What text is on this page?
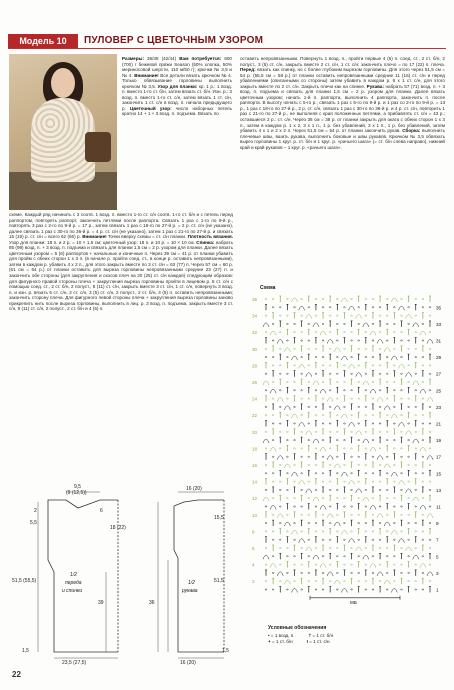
Модель 10	ПУЛОВЕР С ЦВЕТОЧНЫМ УЗОРОМ
Размеры: 36/38 (42/44) Вам потребуется: 600 (700) г бежевой пряжи Season (50% хлопка, 50% мериносовой шерсти, 110 м/50 г); крючки № 3,5 и № 4. Внимание! Все детали вязать крючком № 4. Только обвязывание горловины выполнить крючком № 3,5. Узор для планки: кр. 1 р.: 1 возд. п. вместо 1-го ст. б/н, затем вязать ст. б/н. Изн. р.: 3 возд. п. вместо 1-го ст. с/н, затем вязать 1 ст. с/н, закончить 1 ст. с/н в возд. п. начала предыдущего р. Цветочный узор: число наборных петель кратно 14 + 1 + 3 возд. п. подъема. Вязать по
схеме. Каждый ряд начинать с 3 соотв. 1 возд. п. вместо 1-го ст. с/н соотв. 1-го ст. б/н и с петель перед раппортом, повторять раппорт, закончить петлями после раппорта. Связать 1 раз с 1-го по 9-й р., повторять 3 раз с 2-го по 9-й р. = 17 р., затем связать 1 раз с 18-го по 27-й р. = 2 р. ст. с/н (не указано), далее связать 1 раз с 30-го по 36-й р. = 4 р. ст. с/н (не указано), затем 1 раз с 21-го по 27-й р. и связать 15 (19) р. ст. с/н = всего 62 (66) р. Внимание! Точки вверху схемы = ст. с/н планки. Плотность вязания. Узор для планки: 18 п. и 2 р. = 10 × 1,5 см; цветочный узор: 18 п. и 10 р. = 10 × 10 см. Спинка: набрать 85 (99) возд. п. + 3 возд. п. подъема и связать для планки 1,5 см = 2 р. узором для планки. Далее вязать цветочным узором = 5 (6) раппортов + начальные и конечные п. Через 39 см = 41 р. от планки убавить для пройм с обеих сторон 1 x 3 п. (в начале р. пройти соед. ст., в конце р. оставить непровязанными), затем в каждом р. убавить 4 x 2 п., для этого закрыть вместе по 3 ст. с/н = 63 (77) п. Через 57 см = 60 р. (61 см = 64 р.) от планки оставить для выреза горловины непровязанными средние 23 (27) п. и закончить обе стороны (для закругления и скосов плеч на 20 (25) ст. с/н каждая) следующим образом: для фигурного правой стороны плеча + закругления выреза горловины пройти в лицевом р. 6 ст. с/н с помощью соед. ст., 2 ст. б/н, 2 полуст., 8 (11) ст. с/н, закрыть вместе 3 ст. с/н, 1 ст. с/н, повернуть 3 возд. п. и изн. р. вязать 5 ст. с/н, 2 ст. с/н, 3 (5) ст. с/н, 2 полуст., 2 ст. б/н, 4 (5) п. оставить непровязанными; закончить сторону плеча. Для фигурного левой стороны плеча + закругления выреза горловины заново прикрепить нить после выреза горловины, выполнить в лиц. р. 3 возд. п. подъема, закрыть вместе 3 ст. с/н, 8 (11) ст. с/н, 2 полуст., 2 ст. б/н и 4 (5) п.
оставить непровязанными. Повернуть 1 возд. п., пройти первые 4 (5) п. соед. ст., 2 ст. б/н, 2 полуст., 3 (5) ст. с/н, закрыть вместе 2 ст. с/н, 1 ст. с/н; закончить плечо = по 17 (22) п. плеча. Перед: вязать как спинку, но с более глубоким вырезом горловины. Для этого через 51,5 см = 54 р. (55,5 см = 58 р.) от планки оставить непровязанными средние 11 (15) ст. с/н и перед убавлениями (описанными со стороны) затем убавить в каждом р. 6 x 1 ст. с/н, для этого закрыть вместе по 2 ст. с/н. Закрыть плечи как на спинке. Рукава: набрать 57 (71) возд. п. + 3 возд. п. подъема и связать для планки 1,5 см = 2 р. узором для планки. Далее вязать цветочным узором; начать 1-й п. раппорта, выполнить 4 раппорта, закончить п. после раппорта. В высоту начать с 5-го р., связать 1 раз с 5-го по 9-й р. и 1 раз со 2-го по 9-й р. = 13 р., 1 раз с 18-го по 27-й р., 2 р. ст. с/н, связать 1 раз с 30-го по 36-й р. и 4 р. ст. с/н, повторить 1 раз с 21-го по 27-й р., не выполняя с края положенных петлями, а прибавлять ст. с/н = 43 р.; оставшиеся 2 р.: ст. с/н. Через 36 см = 38 р. от планки закрыть для оката с обеих сторон 1 x 3 п., затем в каждом р. 1 x 2, 3 x 1 п., 1 р. без убавлений, 3 x 1 п., 1 р. без убавлений, затем убавить 4 x 1 и 2 x 2 п. Через 51,5 см = 54 р. от планки закончить рукав. Сборка: выполнить плечевые швы, вшить рукава, выполнить боковые и швы рукавов. Крючком № 3,5 обвязать вырез горловины 1 круг. р. ст. б/н и 1 круг. р. «рачьего шага» (= ст. б/н слева направо), нижний край и край рукавов – 1 круг. р. «рачьего шага».
9,5
(9 (12,5))
6
2
5,5
18 (22)
51,5 (55,5)
39
1/2
переда
и спинки
1,5
23,5 (27,5)
16 (20)
15,5
36
51,5
1/2
рукава
1,5
16 (20)
Схема
36
35
34
33
32
31
30
29
28
27
26
25
24
23
22
21
20
19
18
17
16
15
14
13
12
11
10
9
8
7
6
5
4
3
2
1
МБ
Условные обозначения
• = 1 возд. п.	† = 1 ст. б/н
+ = 1 ст. б/н	I = 1 ст. с/н
22
